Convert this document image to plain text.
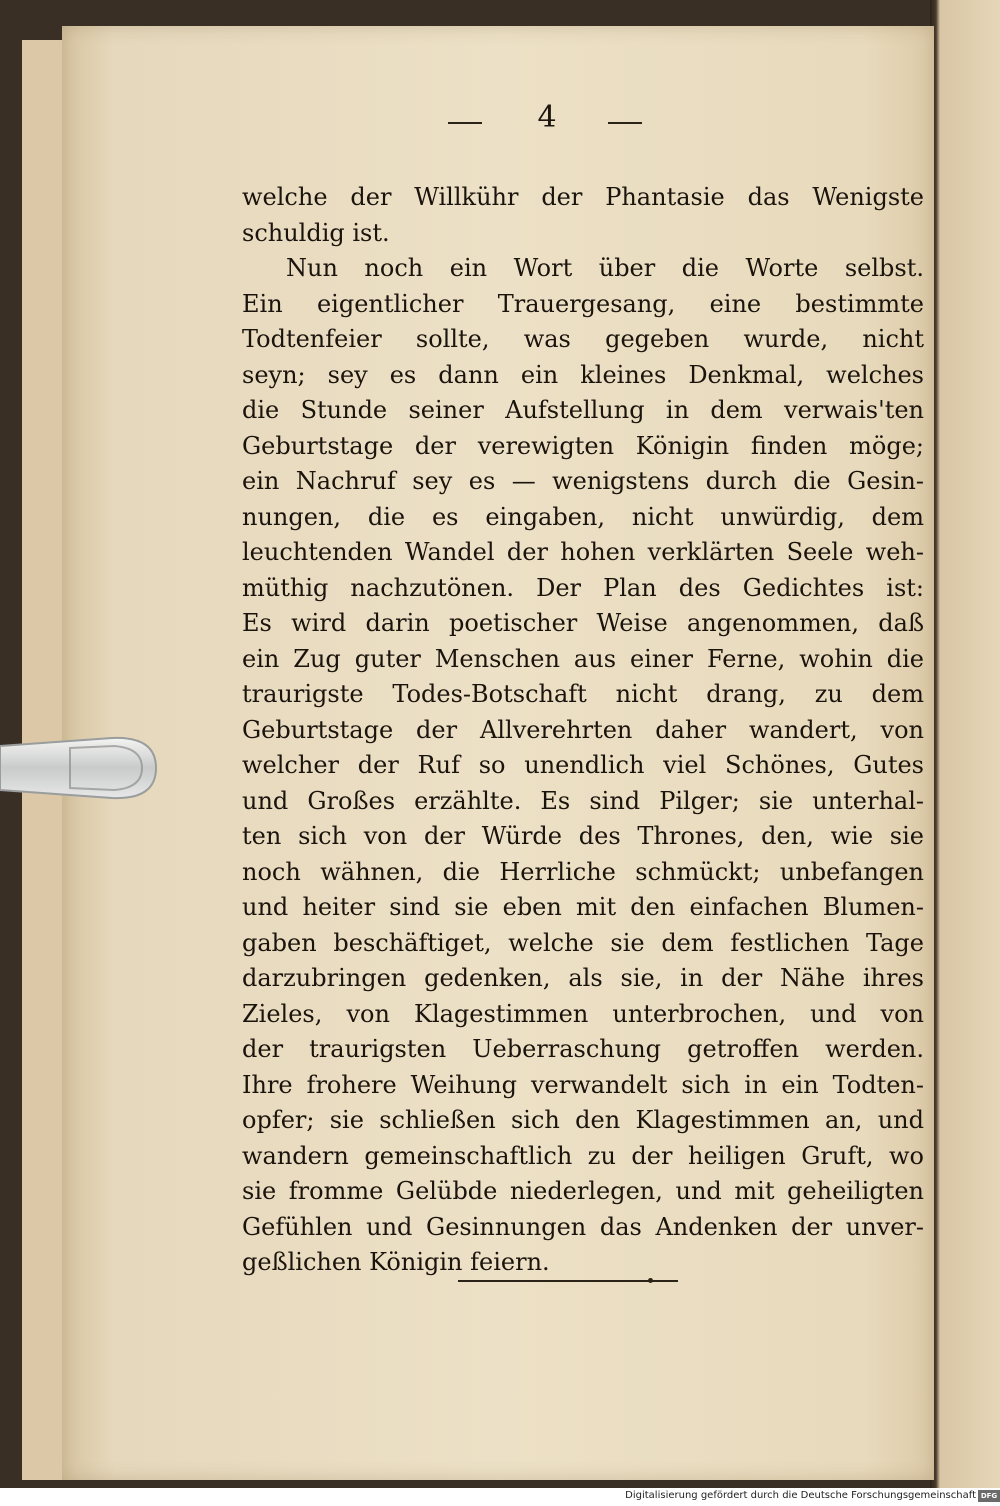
4
welche der Willkühr der Phantasie das Wenigste
schuldig ist.
Nun noch ein Wort über die Worte selbst.
Ein eigentlicher Trauergesang, eine bestimmte
Todtenfeier sollte, was gegeben wurde, nicht
seyn; sey es dann ein kleines Denkmal, welches
die Stunde seiner Aufstellung in dem verwais'ten
Geburtstage der verewigten Königin finden möge;
ein Nachruf sey es — wenigstens durch die Gesin-
nungen, die es eingaben, nicht unwürdig, dem
leuchtenden Wandel der hohen verklärten Seele weh-
müthig nachzutönen. Der Plan des Gedichtes ist:
Es wird darin poetischer Weise angenommen, daß
ein Zug guter Menschen aus einer Ferne, wohin die
traurigste Todes-Botschaft nicht drang, zu dem
Geburtstage der Allverehrten daher wandert, von
welcher der Ruf so unendlich viel Schönes, Gutes
und Großes erzählte. Es sind Pilger; sie unterhal-
ten sich von der Würde des Thrones, den, wie sie
noch wähnen, die Herrliche schmückt; unbefangen
und heiter sind sie eben mit den einfachen Blumen-
gaben beschäftiget, welche sie dem festlichen Tage
darzubringen gedenken, als sie, in der Nähe ihres
Zieles, von Klagestimmen unterbrochen, und von
der traurigsten Ueberraschung getroffen werden.
Ihre frohere Weihung verwandelt sich in ein Todten-
opfer; sie schließen sich den Klagestimmen an, und
wandern gemeinschaftlich zu der heiligen Gruft, wo
sie fromme Gelübde niederlegen, und mit geheiligten
Gefühlen und Gesinnungen das Andenken der unver-
geßlichen Königin feiern.
Digitalisierung gefördert durch die Deutsche Forschungsgemeinschaft DFG
